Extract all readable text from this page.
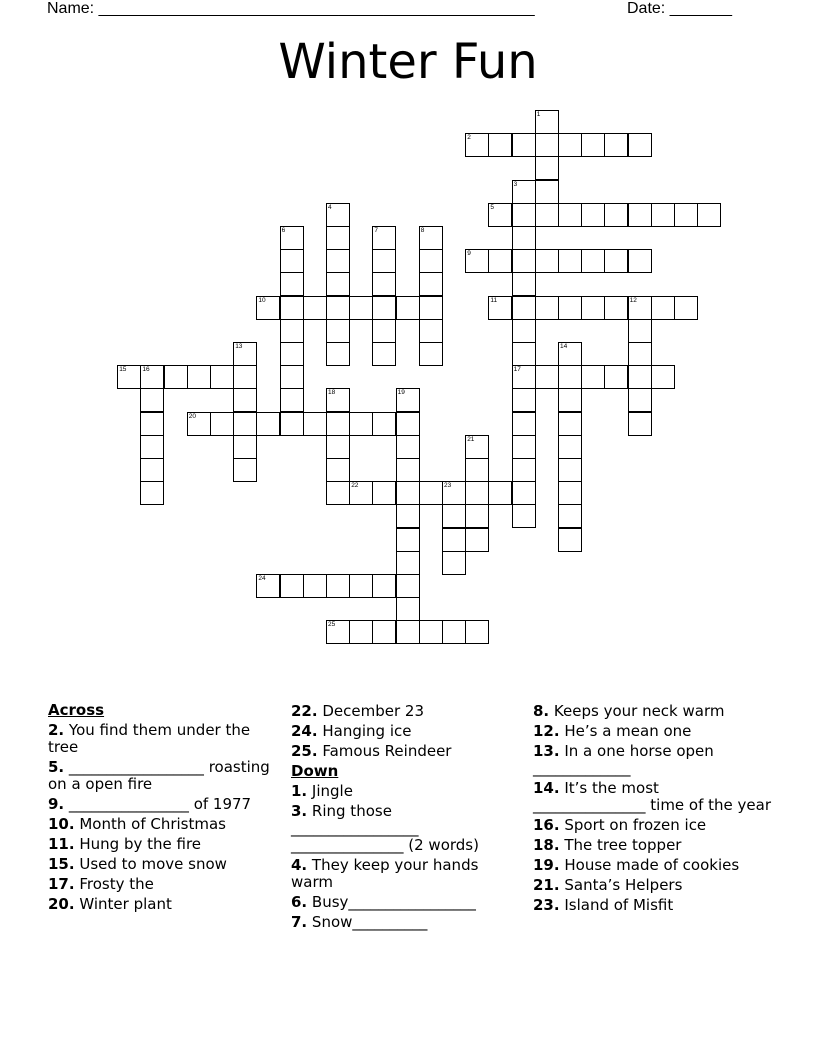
Name: _________________________________________________	Date: _______
Winter Fun
1
2
3
17
4	5
6	7	8
9
10	11	12
13	14
15 16
18	19
20
21
22	23
24
25
Across
2. You find them under the tree
5. __________________ roasting on a open fire
9. ________________ of 1977
10. Month of Christmas
11. Hung by the fire
15. Used to move snow
17. Frosty the
20. Winter plant
22. December 23
24. Hanging ice
25. Famous Reindeer
Down
1. Jingle
3. Ring those _________________ _______________ (2 words)
4. They keep your hands warm
6. Busy_________________
7. Snow__________
8. Keeps your neck warm
12. He’s a mean one
13. In a one horse open _____________
14. It’s the most _______________ time of the year
16. Sport on frozen ice
18. The tree topper
19. House made of cookies
21. Santa’s Helpers
23. Island of Misfit
